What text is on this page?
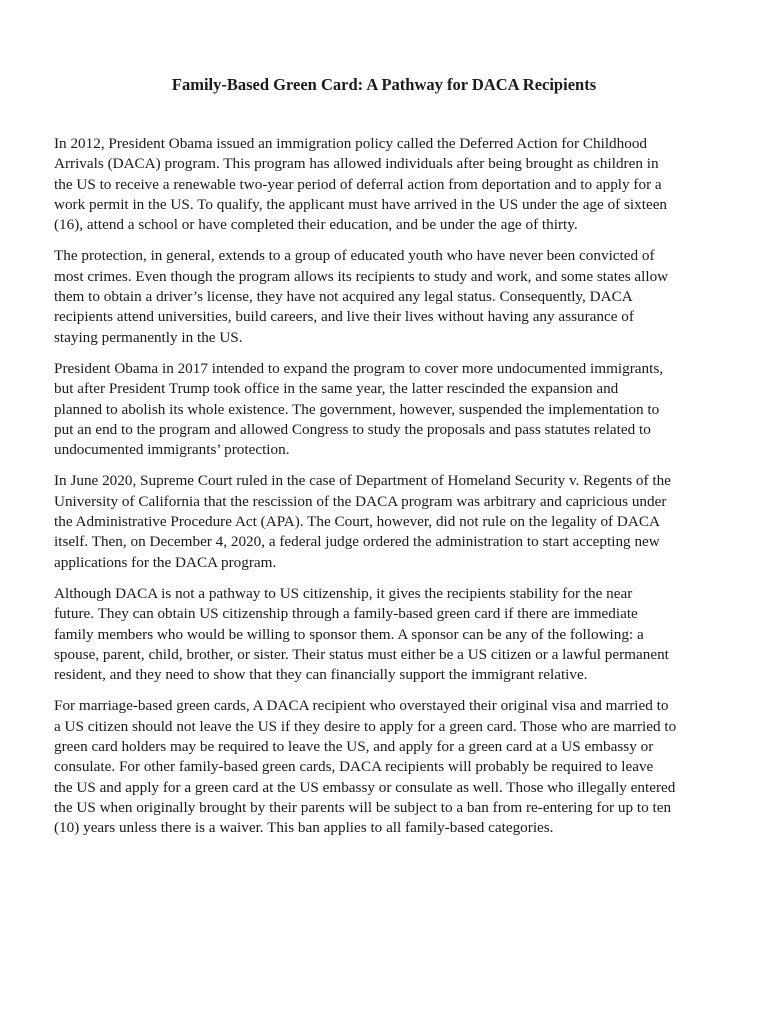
Family-Based Green Card: A Pathway for DACA Recipients

In 2012, President Obama issued an immigration policy called the Deferred Action for Childhood
Arrivals (DACA) program. This program has allowed individuals after being brought as children in
the US to receive a renewable two-year period of deferral action from deportation and to apply for a
work permit in the US. To qualify, the applicant must have arrived in the US under the age of sixteen
(16), attend a school or have completed their education, and be under the age of thirty.

The protection, in general, extends to a group of educated youth who have never been convicted of
most crimes. Even though the program allows its recipients to study and work, and some states allow
them to obtain a driver’s license, they have not acquired any legal status. Consequently, DACA
recipients attend universities, build careers, and live their lives without having any assurance of
staying permanently in the US.

President Obama in 2017 intended to expand the program to cover more undocumented immigrants,
but after President Trump took office in the same year, the latter rescinded the expansion and
planned to abolish its whole existence. The government, however, suspended the implementation to
put an end to the program and allowed Congress to study the proposals and pass statutes related to
undocumented immigrants’ protection.

In June 2020, Supreme Court ruled in the case of Department of Homeland Security v. Regents of the
University of California that the rescission of the DACA program was arbitrary and capricious under
the Administrative Procedure Act (APA). The Court, however, did not rule on the legality of DACA
itself. Then, on December 4, 2020, a federal judge ordered the administration to start accepting new
applications for the DACA program.

Although DACA is not a pathway to US citizenship, it gives the recipients stability for the near
future. They can obtain US citizenship through a family-based green card if there are immediate
family members who would be willing to sponsor them. A sponsor can be any of the following: a
spouse, parent, child, brother, or sister. Their status must either be a US citizen or a lawful permanent
resident, and they need to show that they can financially support the immigrant relative.

For marriage-based green cards, A DACA recipient who overstayed their original visa and married to
a US citizen should not leave the US if they desire to apply for a green card. Those who are married to
green card holders may be required to leave the US, and apply for a green card at a US embassy or
consulate. For other family-based green cards, DACA recipients will probably be required to leave
the US and apply for a green card at the US embassy or consulate as well. Those who illegally entered
the US when originally brought by their parents will be subject to a ban from re-entering for up to ten
(10) years unless there is a waiver. This ban applies to all family-based categories.
